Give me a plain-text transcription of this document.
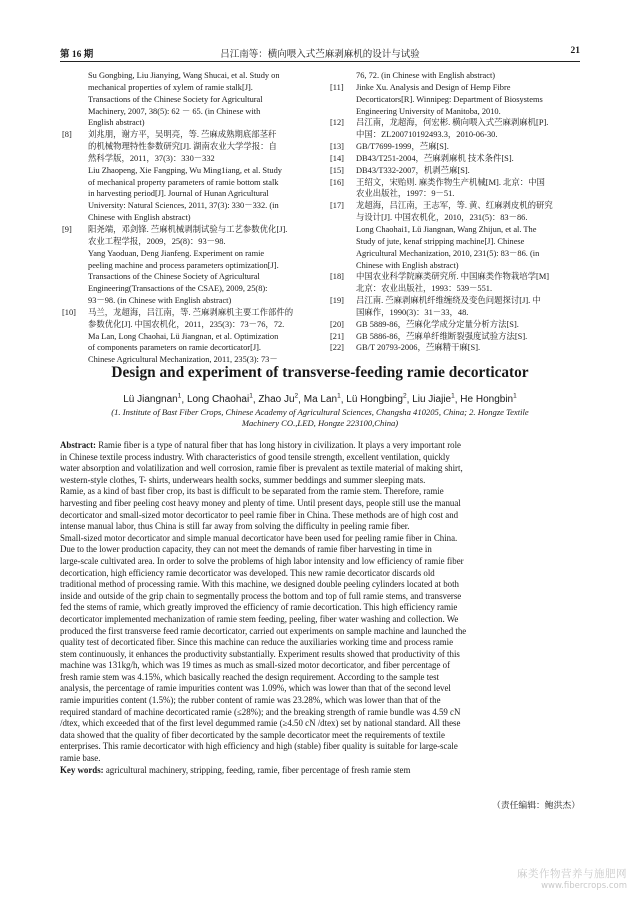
第 16 期	吕江南等：横向喂入式苎麻剥麻机的设计与试验	21
Su Gongbing, Liu Jianying, Wang Shucai, et al. Study on
mechanical properties of xylem of ramie stalk[J].
Transactions of the Chinese Society for Agricultural
Machinery, 2007, 38(5): 62 － 65. (in Chinese with
English abstract)
[8] 刘兆朋，谢方平，吴明亮，等. 苎麻成熟期底部茎秆
的机械物理特性参数研究[J]. 湖南农业大学学报：自
然科学版，2011，37(3)：330－332
Liu Zhaopeng, Xie Fangping, Wu Ming1iang, et al. Study
of mechanical property parameters of ramie bottom stalk
in harvesting period[J]. Journal of Hunan Agricultural
University: Natural Sciences, 2011, 37(3): 330－332. (in
Chinese with English abstract)
[9] 阳尧端，邓剑锋. 苎麻机械剥制试验与工艺参数优化[J].
农业工程学报，2009，25(8)：93－98.
Yang Yaoduan, Deng Jianfeng. Experiment on ramie
peeling machine and process parameters optimization[J].
Transactions of the Chinese Society of Agricultural
Engineering(Transactions of the CSAE), 2009, 25(8):
93－98. (in Chinese with English abstract)
[10] 马兰，龙超海，吕江南，等. 苎麻剥麻机主要工作部件的
参数优化[J]. 中国农机化，2011，235(3)：73－76，72.
Ma Lan, Long Chaohai, Lü Jiangnan, et al. Optimization
of components parameters on ramie decorticator[J].
Chinese Agricultural Mechanization, 2011, 235(3): 73－
76, 72. (in Chinese with English abstract)
[11] Jinke Xu. Analysis and Design of Hemp Fibre
Decorticators[R]. Winnipeg: Department of Biosystems
Engineering University of Manitoba, 2010.
[12] 吕江南，龙超海，何宏彬. 横向喂入式苎麻剥麻机[P].
中国：ZL200710192493.3，2010-06-30.
[13] GB/T7699-1999，苎麻[S].
[14] DB43/T251-2004，苎麻剥麻机 技术条件[S].
[15] DB43/T332-2007，机剥苎麻[S].
[16] 王绍文，宋贻则. 麻类作物生产机械[M]. 北京：中国
农业出版社，1997：9－51.
[17] 龙超海，吕江南，王志军，等. 黄、红麻剥皮机的研究
与设计[J]. 中国农机化，2010，231(5)：83－86.
Long Chaohai1, Lü Jiangnan, Wang Zhijun, et al. The
Study of jute, kenaf stripping machine[J]. Chinese
Agricultural Mechanization, 2010, 231(5): 83－86. (in
Chinese with English abstract)
[18] 中国农业科学院麻类研究所. 中国麻类作物栽培学[M]
北京：农业出版社，1993：539－551.
[19] 吕江南. 苎麻剥麻机纤维缠绕及变色问题探讨[J]. 中
国麻作，1990(3)：31－33，48.
[20] GB 5889-86，苎麻化学成分定量分析方法[S].
[21] GB 5886-86，苎麻单纤维断裂强度试验方法[S].
[22] GB/T 20793-2006，苎麻精干麻[S].
Design and experiment of transverse-feeding ramie decorticator
Lü Jiangnan$^1$, Long Chaohai$^1$, Zhao Ju$^2$, Ma Lan$^1$, Lü Hongbing$^2$, Liu Jiajie$^1$, He Hongbin$^1$
(1. Institute of Bast Fiber Crops, Chinese Academy of Agricultural Sciences, Changsha 410205, China; 2. Hongze Textile
Machinery CO.,LED, Hongze 223100,China)
Abstract: Ramie fiber is a type of natural fiber that has long history in civilization. It plays a very important role
in Chinese textile process industry. With characteristics of good tensile strength, excellent ventilation, quickly
water absorption and volatilization and well corrosion, ramie fiber is prevalent as textile material of making shirt,
western-style clothes, T- shirts, underwears health socks, summer beddings and summer sleeping mats.
Ramie, as a kind of bast fiber crop, its bast is difficult to be separated from the ramie stem. Therefore, ramie
harvesting and fiber peeling cost heavy money and plenty of time. Until present days, people still use the manual
decorticator and small-sized motor decorticator to peel ramie fiber in China. These methods are of high cost and
intense manual labor, thus China is still far away from solving the difficulty in peeling ramie fiber.
Small-sized motor decorticator and simple manual decorticator have been used for peeling ramie fiber in China.
Due to the lower production capacity, they can not meet the demands of ramie fiber harvesting in time in
large-scale cultivated area. In order to solve the problems of high labor intensity and low efficiency of ramie fiber
decortication, high efficiency ramie decorticator was developed. This new ramie decorticator discards old
traditional method of processing ramie. With this machine, we designed double peeling cylinders located at both
inside and outside of the grip chain to segmentally process the bottom and top of full ramie stems, and transverse
fed the stems of ramie, which greatly improved the efficiency of ramie decortication. This high efficiency ramie
decorticator implemented mechanization of ramie stem feeding, peeling, fiber water washing and collection. We
produced the first transverse feed ramie decorticator, carried out experiments on sample machine and launched the
quality test of decorticated fiber. Since this machine can reduce the auxiliaries working time and process ramie
stem continuously, it enhances the productivity substantially. Experiment results showed that productivity of this
machine was 131kg/h, which was 19 times as much as small-sized motor decorticator, and fiber percentage of
fresh ramie stem was 4.15%, which basically reached the design requirement. According to the sample test
analysis, the percentage of ramie impurities content was 1.09%, which was lower than that of the second level
ramie impurities content (1.5%); the rubber content of ramie was 23.28%, which was lower than that of the
required standard of machine decorticated ramie (≤28%); and the breaking strength of ramie bundle was 4.59 cN
/dtex, which exceeded that of the first level degummed ramie (≥4.50 cN /dtex) set by national standard. All these
data showed that the quality of fiber decorticated by the sample decorticator meet the requirements of textile
enterprises. This ramie decorticator with high efficiency and high (stable) fiber quality is suitable for large-scale
ramie base.
Key words: agricultural machinery, stripping, feeding, ramie, fiber percentage of fresh ramie stem
（责任编辑：鲍洪杰）
麻类作物营养与施肥网
www.fibercrops.com
